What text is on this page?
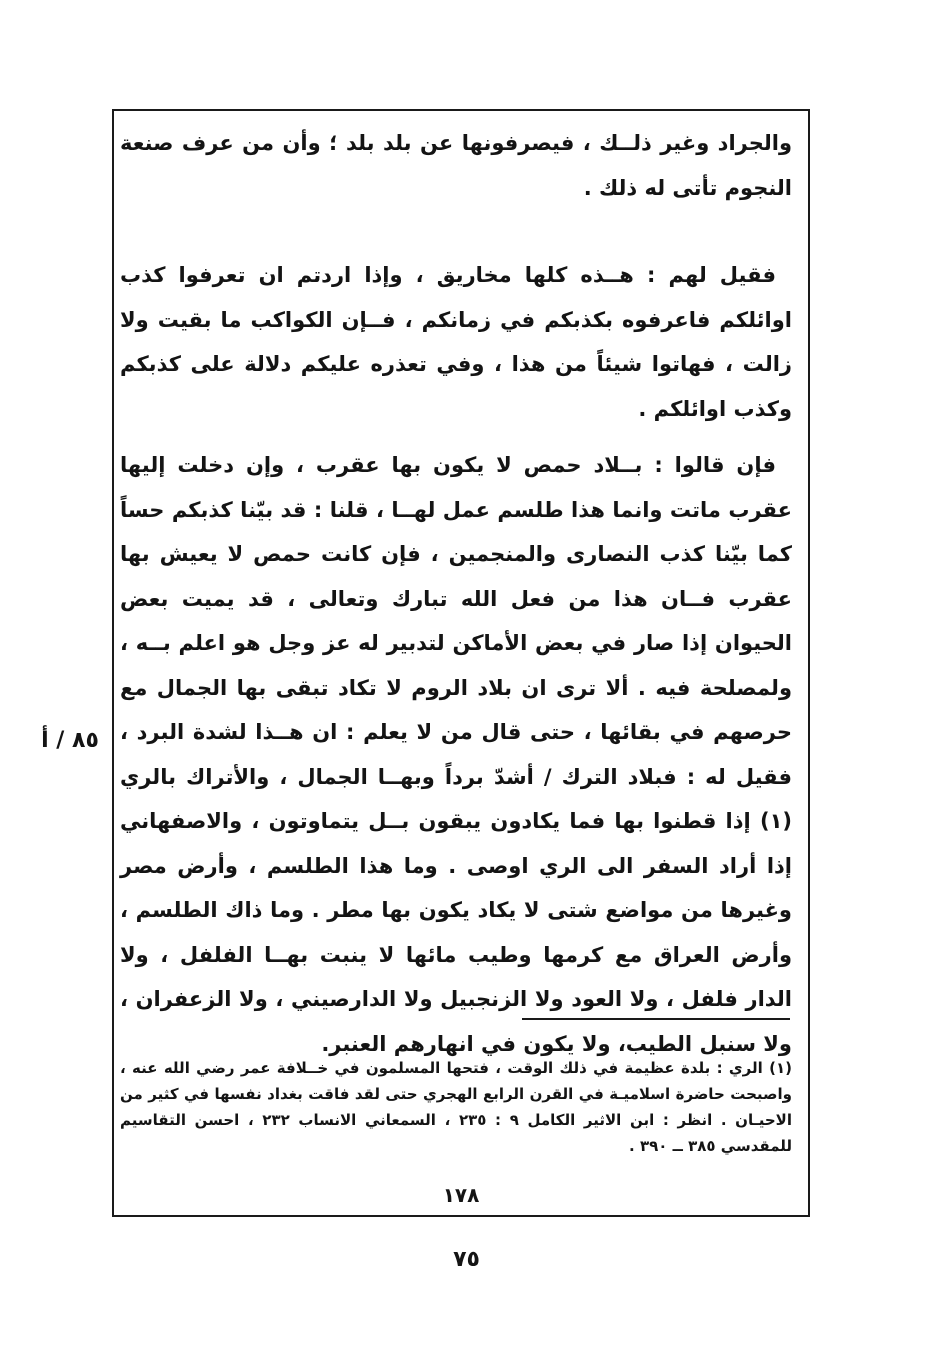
والجراد وغير ذلــك ، فيصرفونها عن بلد بلد ؛ وأن من عرف صنعة النجوم تأتى له ذلك .

فقيل لهم : هــذه كلها مخاريق ، وإذا اردتم ان تعرفوا كذب اوائلكم فاعرفوه بكذبكم في زمانكم ، فــإن الكواكب ما بقيت ولا زالت ، فهاتوا شيئاً من هذا ، وفي تعذره عليكم دلالة على كذبكم وكذب اوائلكم .

فإن قالوا : بــلاد حمص لا يكون بها عقرب ، وإن دخلت إليها عقرب ماتت وانما هذا طلسم عمل لهــا ، قلنا : قد بيّنا كذبكم حساً كما بيّنا كذب النصارى والمنجمين ، فإن كانت حمص لا يعيش بها عقرب فــان هذا من فعل الله تبارك وتعالى ، قد يميت بعض الحيوان إذا صار في بعض الأماكن لتدبير له عز وجل هو اعلم بــه ، ولمصلحة فيه . ألا ترى ان بلاد الروم لا تكاد تبقى بها الجمال مع حرصهم في بقائها ، حتى قال من لا يعلم : ان هــذا لشدة البرد ، فقيل له : فبلاد الترك / أشدّ برداً وبهــا الجمال ، والأتراك بالري (١) إذا قطنوا بها فما يكادون يبقون بــل يتماوتون ، والاصفهاني إذا أراد السفر الى الري اوصى . وما هذا الطلسم ، وأرض مصر وغيرها من مواضع شتى لا يكاد يكون بها مطر . وما ذاك الطلسم ، وأرض العراق مع كرمها وطيب مائها لا ينبت بهــا الفلفل ، ولا الدار فلفل ، ولا العود ولا الزنجبيل ولا الدارصيني ، ولا الزعفران ، ولا سنبل الطيب، ولا يكون في انهارهم العنبر.

٨٥ / أ

(١) الري : بلدة عظيمة في ذلك الوقت ، فتحها المسلمون في خــلافة عمر رضي الله عنه ، واصبحت حاضرة اسلاميـة في القرن الرابع الهجري حتى لقد فاقت بغداد نفسها في كثير من الاحيـان . انظر : ابن الاثير الكامل ٩ : ٢٣٥ ، السمعاني الانساب ٢٣٢ ، احسن التقاسيم للمقدسي ٣٨٥ ــ ٣٩٠ .

١٧٨
٧٥
